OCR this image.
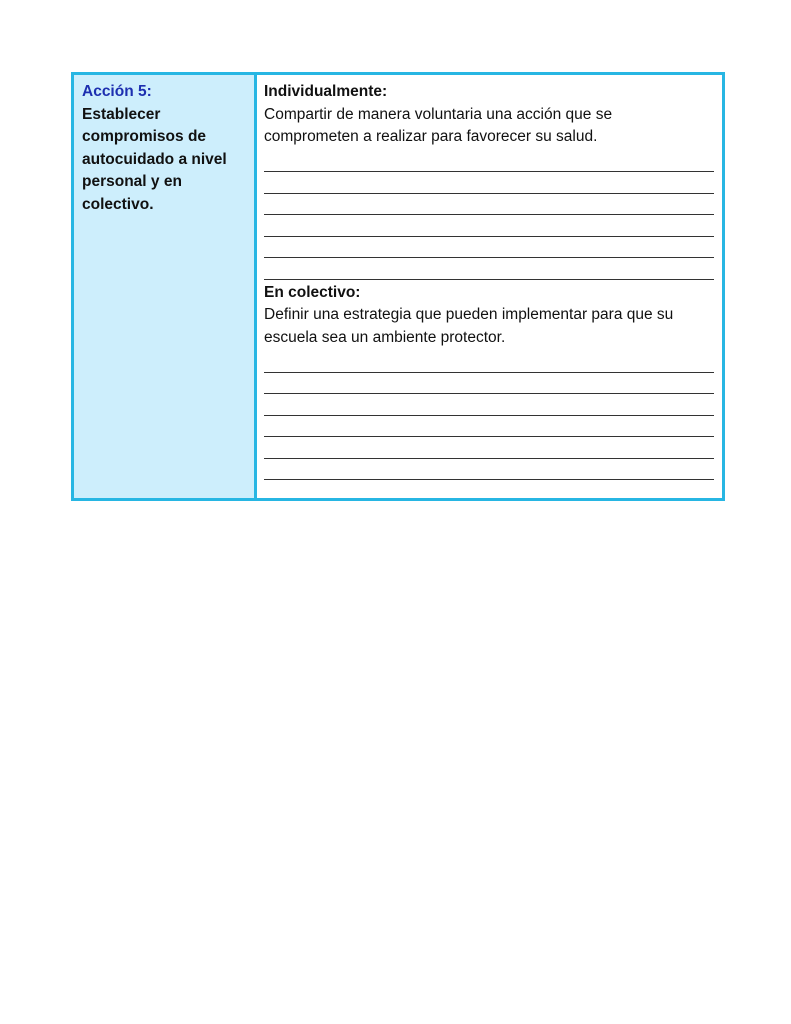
Acción 5:
Establecer compromisos de autocuidado a nivel personal y en colectivo.
Individualmente:
Compartir de manera voluntaria una acción que se comprometen a realizar para favorecer su salud.
En colectivo:
Definir una estrategia que pueden implementar para que su escuela sea un ambiente protector.
